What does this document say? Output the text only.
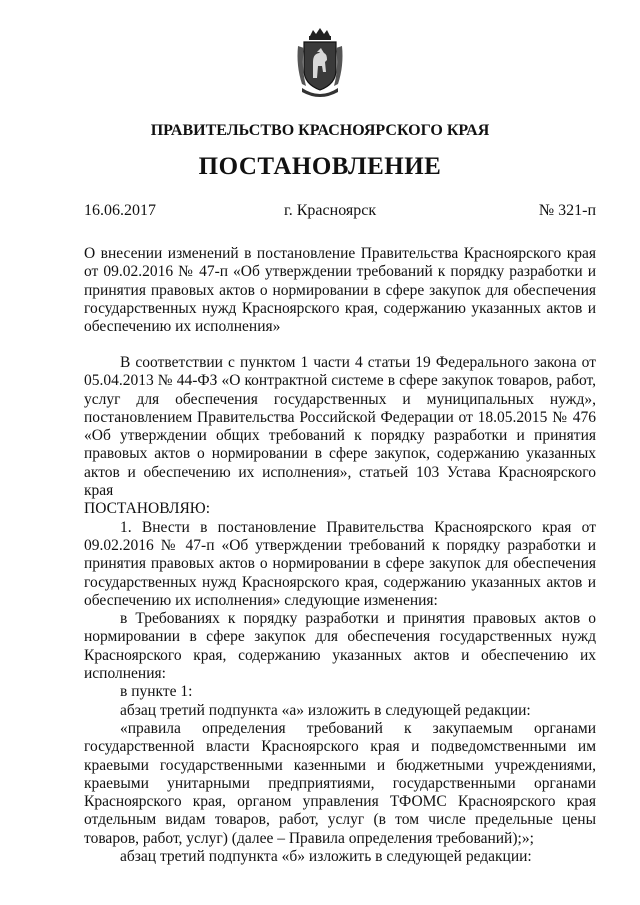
ПРАВИТЕЛЬСТВО КРАСНОЯРСКОГО КРАЯ
ПОСТАНОВЛЕНИЕ
16.06.2017	г. Красноярск	№ 321-п

О внесении изменений в постановление Правительства Красноярского края от 09.02.2016 № 47-п «Об утверждении требований к порядку разработки и принятия правовых актов о нормировании в сфере закупок для обеспечения государственных нужд Красноярского края, содержанию указанных актов и обеспечению их исполнения»

В соответствии с пунктом 1 части 4 статьи 19 Федерального закона от 05.04.2013 № 44-ФЗ «О контрактной системе в сфере закупок товаров, работ, услуг для обеспечения государственных и муниципальных нужд», постановлением Правительства Российской Федерации от 18.05.2015 № 476 «Об утверждении общих требований к порядку разработки и принятия правовых актов о нормировании в сфере закупок, содержанию указанных актов и обеспечению их исполнения», статьей 103 Устава Красноярского края

ПОСТАНОВЛЯЮ:

1. Внести в постановление Правительства Красноярского края от 09.02.2016 № 47-п «Об утверждении требований к порядку разработки и принятия правовых актов о нормировании в сфере закупок для обеспечения государственных нужд Красноярского края, содержанию указанных актов и обеспечению их исполнения» следующие изменения:

в Требованиях к порядку разработки и принятия правовых актов о нормировании в сфере закупок для обеспечения государственных нужд Красноярского края, содержанию указанных актов и обеспечению их исполнения:

в пункте 1:

абзац третий подпункта «а» изложить в следующей редакции:

«правила определения требований к закупаемым органами государственной власти Красноярского края и подведомственными им краевыми государственными казенными и бюджетными учреждениями, краевыми унитарными предприятиями, государственными органами Красноярского края, органом управления ТФОМС Красноярского края отдельным видам товаров, работ, услуг (в том числе предельные цены товаров, работ, услуг) (далее – Правила определения требований);»;

абзац третий подпункта «б» изложить в следующей редакции:
